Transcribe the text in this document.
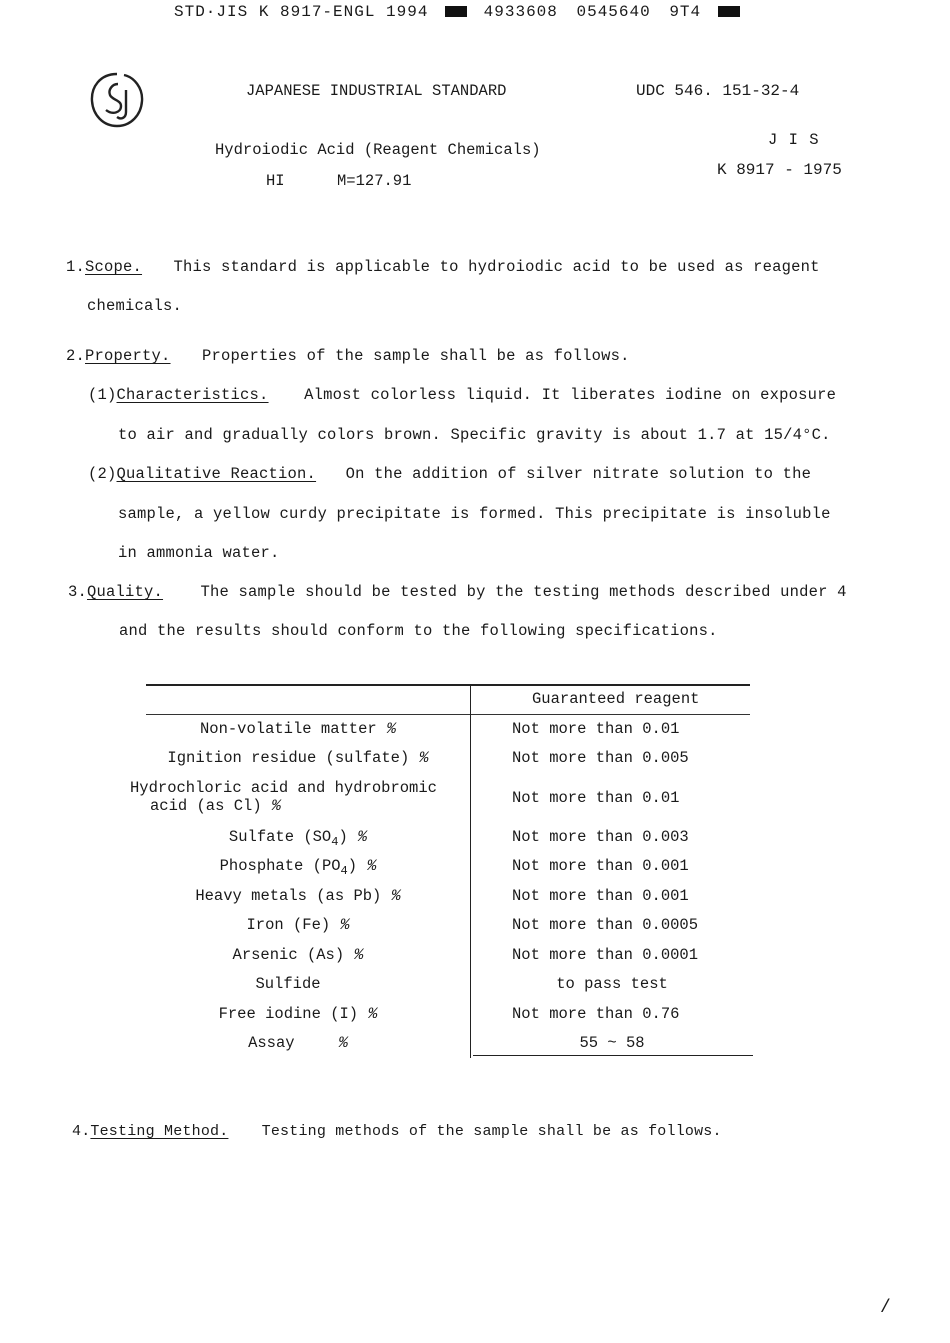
STD·JIS K 8917-ENGL 1994	4933608 0545640 9T4
JAPANESE INDUSTRIAL STANDARD	UDC 546. 151-32-4
Hydroiodic Acid (Reagent Chemicals)
HI	M=127.91
J I S
K 8917 - 1975
1.Scope. This standard is applicable to hydroiodic acid to be used as reagent
chemicals.
2.Property. Properties of the sample shall be as follows.
(1)Characteristics. Almost colorless liquid. It liberates iodine on exposure
to air and gradually colors brown. Specific gravity is about 1.7 at 15/4°C.
(2)Qualitative Reaction. On the addition of silver nitrate solution to the
sample, a yellow curdy precipitate is formed. This precipitate is insoluble
in ammonia water.
3.Quality. The sample should be tested by the testing methods described under 4
and the results should conform to the following specifications.
Guaranteed reagent
Non-volatile matter %	Not more than 0.01
Ignition residue (sulfate) %	Not more than 0.005
Hydrochloric acid and hydrobromic
acid (as Cl) %	Not more than 0.01
Sulfate $(SO_4)$ %	Not more than 0.003
Phosphate $(PO_4)$ %	Not more than 0.001
Heavy metals (as Pb) %	Not more than 0.001
Iron (Fe) %	Not more than 0.0005
Arsenic (As) %	Not more than 0.0001
Sulfide	to pass test
Free iodine (I) %	Not more than 0.76
Assay	%	55 ~ 58
4.Testing Method. Testing methods of the sample shall be as follows.
/
